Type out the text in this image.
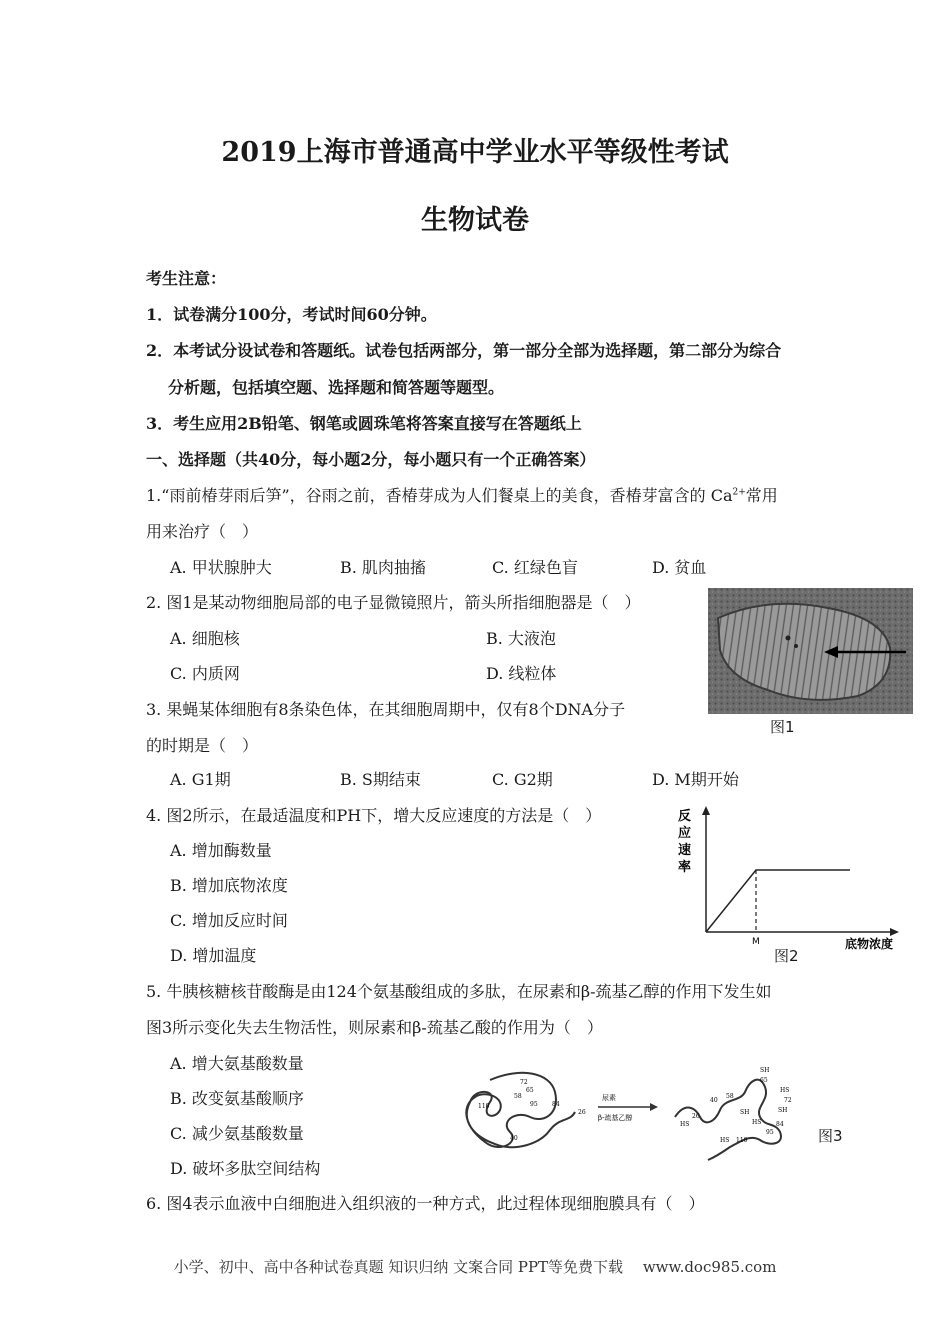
2019上海市普通高中学业水平等级性考试
生物试卷
考生注意：
1．试卷满分100分，考试时间60分钟。
2．本考试分设试卷和答题纸。试卷包括两部分，第一部分全部为选择题，第二部分为综合
分析题，包括填空题、选择题和简答题等题型。
3．考生应用2B铅笔、钢笔或圆珠笔将答案直接写在答题纸上
一、选择题（共40分，每小题2分，每小题只有一个正确答案）
1.“雨前椿芽雨后笋”，谷雨之前，香椿芽成为人们餐桌上的美食，香椿芽富含的 $Ca^{2+}$常用
用来治疗（　）
A. 甲状腺肿大	B. 肌肉抽搐	C. 红绿色盲	D. 贫血
2. 图1是某动物细胞局部的电子显微镜照片，箭头所指细胞器是（　）
A. 细胞核	B. 大液泡
C. 内质网	D. 线粒体
图1
3. 果蝇某体细胞有8条染色体，在其细胞周期中，仅有8个DNA分子
的时期是（　）
A. G1期	B. S期结束	C. G2期	D. M期开始
4. 图2所示，在最适温度和PH下，增大反应速度的方法是（　）
A. 增加酶数量
B. 增加底物浓度
C. 增加反应时间
D. 增加温度
反
应
速
率
M	底物浓度
图2
5. 牛胰核糖核苷酸酶是由124个氨基酸组成的多肽，在尿素和β-巯基乙醇的作用下发生如
图3所示变化失去生物活性，则尿素和β-巯基乙酸的作用为（　）
A. 增大氨基酸数量
B. 改变氨基酸顺序
C. 减少氨基酸数量
D. 破坏多肽空间结构
72
65
58
110	84
95
40
26
尿素
β-巯基乙醇
SH
65
HS
72
40
58
26
SH
HS
SH
84
HS
95
110
HS	图3
6. 图4表示血液中白细胞进入组织液的一种方式，此过程体现细胞膜具有（　）
小学、初中、高中各种试卷真题 知识归纳 文案合同 PPT等免费下载　 www.doc985.com
